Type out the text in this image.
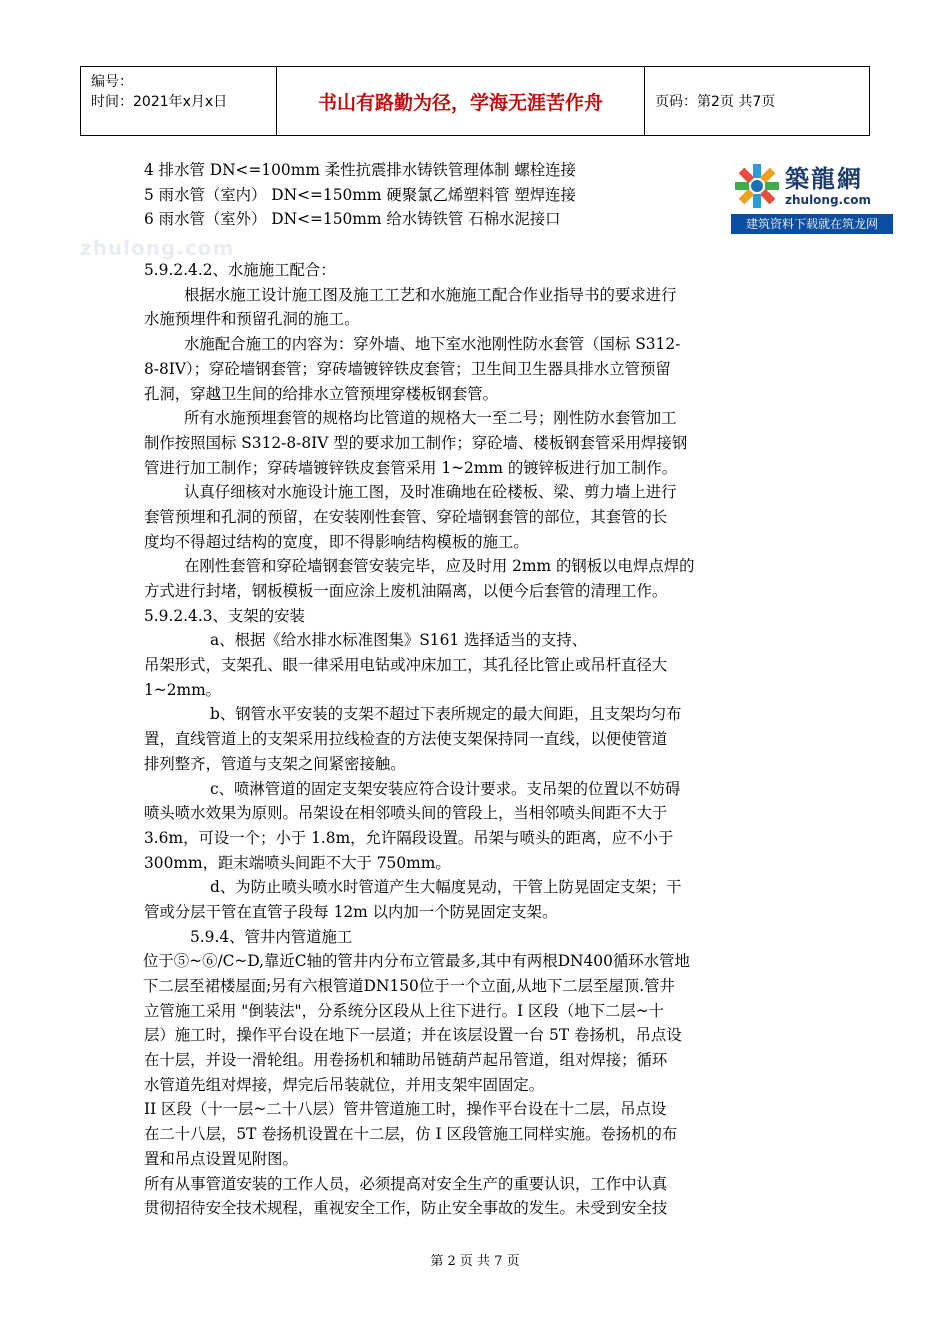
编号：
时间：2021年x月x日	书山有路勤为径，学海无涯苦作舟	页码：第2页 共7页
zhulong.com
築龍網
zhulong.com
建筑资料下载就在筑龙网
4 排水管 DN<=100mm 柔性抗震排水铸铁管理体制 螺栓连接
5 雨水管（室内） DN<=150mm 硬聚氯乙烯塑料管 塑焊连接
6 雨水管（室外） DN<=150mm 给水铸铁管 石棉水泥接口
5.9.2.4.2、水施施工配合：
根据水施工设计施工图及施工工艺和水施施工配合作业指导书的要求进行
水施预埋件和预留孔洞的施工。
水施配合施工的内容为：穿外墙、地下室水池刚性防水套管（国标 S312-
8-8IV）；穿砼墙钢套管；穿砖墙镀锌铁皮套管；卫生间卫生器具排水立管预留
孔洞，穿越卫生间的给排水立管预埋穿楼板钢套管。
所有水施预埋套管的规格均比管道的规格大一至二号；刚性防水套管加工
制作按照国标 S312-8-8IV 型的要求加工制作；穿砼墙、楼板钢套管采用焊接钢
管进行加工制作；穿砖墙镀锌铁皮套管采用 1~2mm 的镀锌板进行加工制作。
认真仔细核对水施设计施工图，及时准确地在砼楼板、梁、剪力墙上进行
套管预埋和孔洞的预留，在安装刚性套管、穿砼墙钢套管的部位，其套管的长
度均不得超过结构的宽度，即不得影响结构模板的施工。
在刚性套管和穿砼墙钢套管安装完毕，应及时用 2mm 的钢板以电焊点焊的
方式进行封堵，钢板模板一面应涂上废机油隔离，以便今后套管的清理工作。
5.9.2.4.3、支架的安装
a、根据《给水排水标准图集》S161 选择适当的支持、
吊架形式，支架孔、眼一律采用电钻或冲床加工，其孔径比管止或吊杆直径大
1~2mm。
b、钢管水平安装的支架不超过下表所规定的最大间距，且支架均匀布
置，直线管道上的支架采用拉线检查的方法使支架保持同一直线，以便使管道
排列整齐，管道与支架之间紧密接触。
c、喷淋管道的固定支架安装应符合设计要求。支吊架的位置以不妨碍
喷头喷水效果为原则。吊架设在相邻喷头间的管段上，当相邻喷头间距不大于
3.6m，可设一个；小于 1.8m，允许隔段设置。吊架与喷头的距离，应不小于
300mm，距末端喷头间距不大于 750mm。
d、为防止喷头喷水时管道产生大幅度晃动，干管上防晃固定支架；干
管或分层干管在直管子段每 12m 以内加一个防晃固定支架。
5.9.4、管井内管道施工
位于⑤~⑥/C~D,靠近C轴的管井内分布立管最多,其中有两根DN400循环水管地
下二层至裙楼屋面;另有六根管道DN150位于一个立面,从地下二层至屋顶.管井
立管施工采用 "倒装法"，分系统分区段从上往下进行。I 区段（地下二层~十
层）施工时，操作平台设在地下一层道；并在该层设置一台 5T 卷扬机，吊点设
在十层，并设一滑轮组。用卷扬机和辅助吊链葫芦起吊管道，组对焊接；循环
水管道先组对焊接，焊完后吊装就位，并用支架牢固固定。
II 区段（十一层~二十八层）管井管道施工时，操作平台设在十二层，吊点设
在二十八层，5T 卷扬机设置在十二层，仿 I 区段管施工同样实施。卷扬机的布
置和吊点设置见附图。
所有从事管道安装的工作人员，必须提高对安全生产的重要认识，工作中认真
贯彻招待安全技术规程，重视安全工作，防止安全事故的发生。未受到安全技
第 2 页 共 7 页
